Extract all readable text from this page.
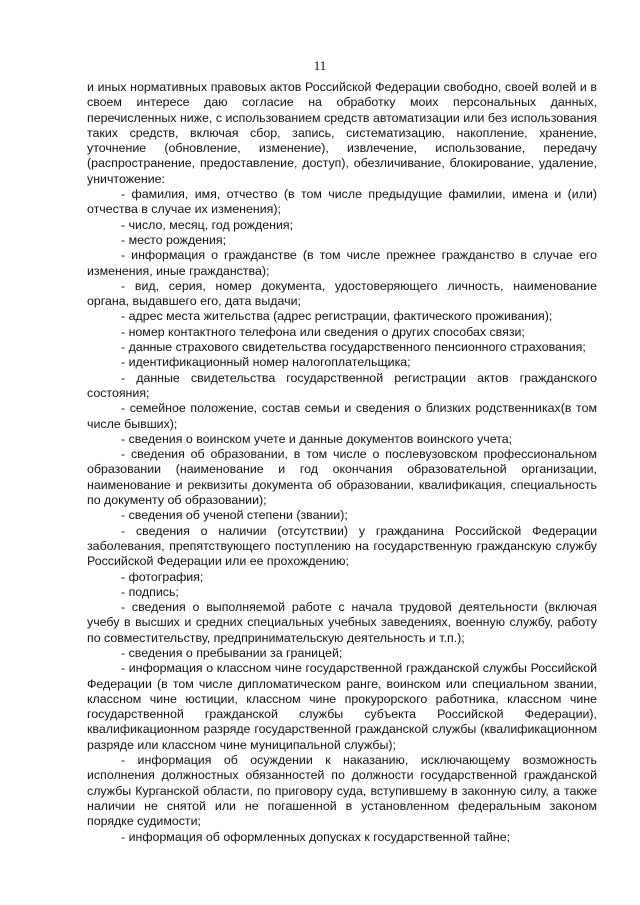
11

и иных нормативных правовых актов Российской Федерации свободно, своей волей и в своем интересе даю согласие на обработку моих персональных данных, перечисленных ниже, с использованием средств автоматизации или без использования таких средств, включая сбор, запись, систематизацию, накопление, хранение, уточнение (обновление, изменение), извлечение, использование, передачу (распространение, предоставление, доступ), обезличивание, блокирование, удаление, уничтожение:

- фамилия, имя, отчество (в том числе предыдущие фамилии, имена и (или) отчества в случае их изменения);

- число, месяц, год рождения;

- место рождения;

- информация о гражданстве (в том числе прежнее гражданство в случае его изменения, иные гражданства);

- вид, серия, номер документа, удостоверяющего личность, наименование органа, выдавшего его, дата выдачи;

- адрес места жительства (адрес регистрации, фактического проживания);

- номер контактного телефона или сведения о других способах связи;

- данные страхового свидетельства государственного пенсионного страхования;

- идентификационный номер налогоплательщика;

- данные свидетельства государственной регистрации актов гражданского состояния;

- семейное положение, состав семьи и сведения о близких родственниках(в том числе бывших);

- сведения о воинском учете и данные документов воинского учета;

- сведения об образовании, в том числе о послевузовском профессиональном образовании (наименование и год окончания образовательной организации, наименование и реквизиты документа об образовании, квалификация, специальность по документу об образовании);

- сведения об ученой степени (звании);

- сведения о наличии (отсутствии) у гражданина Российской Федерации заболевания, препятствующего поступлению на государственную гражданскую службу Российской Федерации или ее прохождению;

- фотография;

- подпись;

- сведения о выполняемой работе с начала трудовой деятельности (включая учебу в высших и средних специальных учебных заведениях, военную службу, работу по совместительству, предпринимательскую деятельность и т.п.);

- сведения о пребывании за границей;

- информация о классном чине государственной гражданской службы Российской Федерации (в том числе дипломатическом ранге, воинском или специальном звании, классном чине юстиции, классном чине прокурорского работника, классном чине государственной гражданской службы субъекта Российской Федерации), квалификационном разряде государственной гражданской службы (квалификационном разряде или классном чине муниципальной службы);

- информация об осуждении к наказанию, исключающему возможность исполнения должностных обязанностей по должности государственной гражданской службы Курганской области, по приговору суда, вступившему в законную силу, а также наличии не снятой или не погашенной в установленном федеральным законом порядке судимости;

- информация об оформленных допусках к государственной тайне;
